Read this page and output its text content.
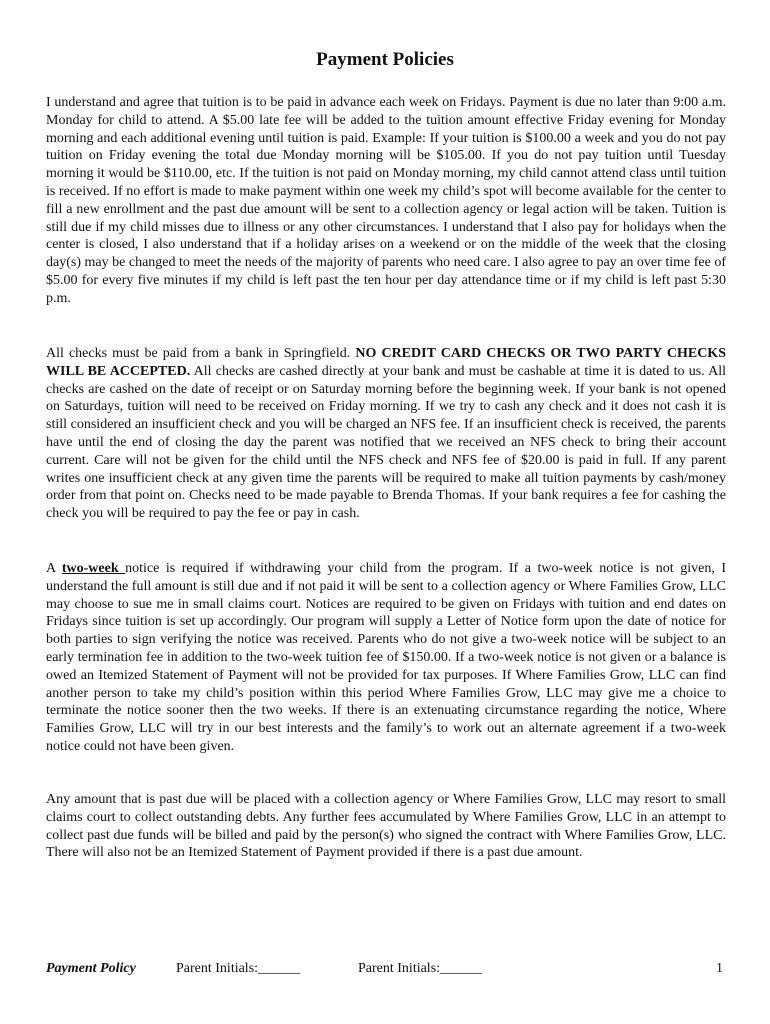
Payment Policies

I understand and agree that tuition is to be paid in advance each week on Fridays. Payment is due no later than 9:00 a.m. Monday for child to attend. A $5.00 late fee will be added to the tuition amount effective Friday evening for Monday morning and each additional evening until tuition is paid. Example: If your tuition is $100.00 a week and you do not pay tuition on Friday evening the total due Monday morning will be $105.00. If you do not pay tuition until Tuesday morning it would be $110.00, etc. If the tuition is not paid on Monday morning, my child cannot attend class until tuition is received. If no effort is made to make payment within one week my child’s spot will become available for the center to fill a new enrollment and the past due amount will be sent to a collection agency or legal action will be taken. Tuition is still due if my child misses due to illness or any other circumstances. I understand that I also pay for holidays when the center is closed, I also understand that if a holiday arises on a weekend or on the middle of the week that the closing day(s) may be changed to meet the needs of the majority of parents who need care. I also agree to pay an over time fee of $5.00 for every five minutes if my child is left past the ten hour per day attendance time or if my child is left past 5:30 p.m.

All checks must be paid from a bank in Springfield. NO CREDIT CARD CHECKS OR TWO PARTY CHECKS WILL BE ACCEPTED. All checks are cashed directly at your bank and must be cashable at time it is dated to us. All checks are cashed on the date of receipt or on Saturday morning before the beginning week. If your bank is not opened on Saturdays, tuition will need to be received on Friday morning. If we try to cash any check and it does not cash it is still considered an insufficient check and you will be charged an NFS fee. If an insufficient check is received, the parents have until the end of closing the day the parent was notified that we received an NFS check to bring their account current. Care will not be given for the child until the NFS check and NFS fee of $20.00 is paid in full. If any parent writes one insufficient check at any given time the parents will be required to make all tuition payments by cash/money order from that point on. Checks need to be made payable to Brenda Thomas. If your bank requires a fee for cashing the check you will be required to pay the fee or pay in cash.

A two-week notice is required if withdrawing your child from the program. If a two-week notice is not given, I understand the full amount is still due and if not paid it will be sent to a collection agency or Where Families Grow, LLC may choose to sue me in small claims court. Notices are required to be given on Fridays with tuition and end dates on Fridays since tuition is set up accordingly. Our program will supply a Letter of Notice form upon the date of notice for both parties to sign verifying the notice was received. Parents who do not give a two-week notice will be subject to an early termination fee in addition to the two-week tuition fee of $150.00. If a two-week notice is not given or a balance is owed an Itemized Statement of Payment will not be provided for tax purposes. If Where Families Grow, LLC can find another person to take my child’s position within this period Where Families Grow, LLC may give me a choice to terminate the notice sooner then the two weeks. If there is an extenuating circumstance regarding the notice, Where Families Grow, LLC will try in our best interests and the family’s to work out an alternate agreement if a two-week notice could not have been given.

Any amount that is past due will be placed with a collection agency or Where Families Grow, LLC may resort to small claims court to collect outstanding debts. Any further fees accumulated by Where Families Grow, LLC in an attempt to collect past due funds will be billed and paid by the person(s) who signed the contract with Where Families Grow, LLC. There will also not be an Itemized Statement of Payment provided if there is a past due amount.

Payment Policy	Parent Initials:______	Parent Initials:______	1
